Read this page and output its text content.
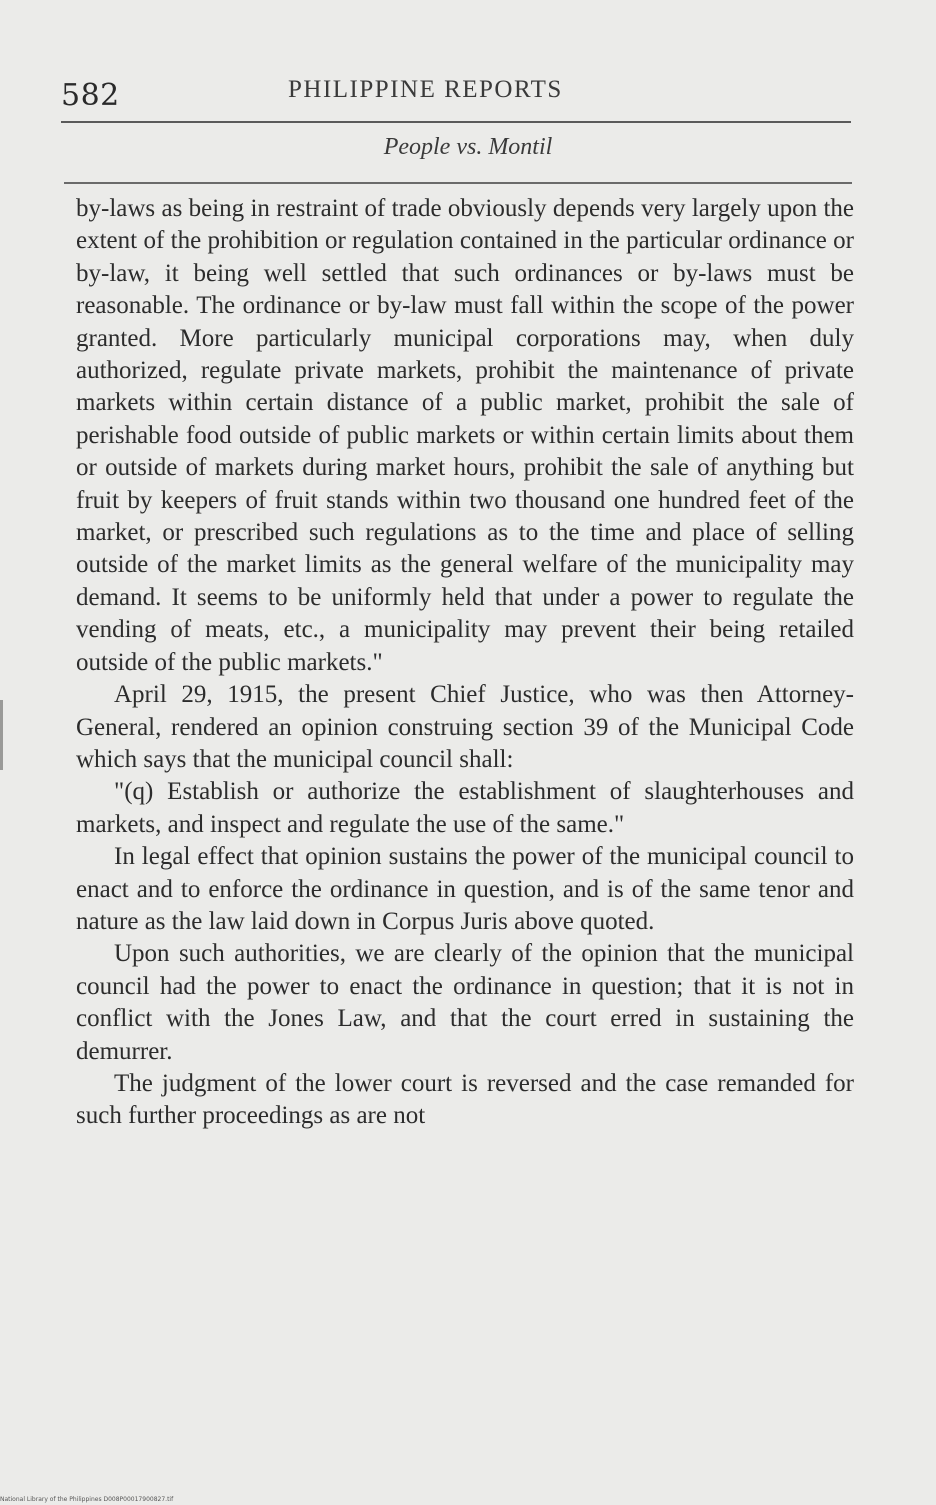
582	PHILIPPINE REPORTS
People vs. Montil

by-laws as being in restraint of trade obviously depends very largely upon the extent of the prohibition or regulation contained in the particular ordinance or by-law, it being well settled that such ordinances or by-laws must be reasonable. The ordinance or by-law must fall within the scope of the power granted. More particularly municipal corporations may, when duly authorized, regulate private markets, prohibit the maintenance of private markets within certain distance of a public market, prohibit the sale of perishable food outside of public markets or within certain limits about them or outside of markets during market hours, prohibit the sale of anything but fruit by keepers of fruit stands within two thousand one hundred feet of the market, or prescribed such regulations as to the time and place of selling outside of the market limits as the general welfare of the municipality may demand. It seems to be uniformly held that under a power to regulate the vending of meats, etc., a municipality may prevent their being retailed outside of the public markets."

April 29, 1915, the present Chief Justice, who was then Attorney-General, rendered an opinion construing section 39 of the Municipal Code which says that the municipal council shall:

"(q) Establish or authorize the establishment of slaughterhouses and markets, and inspect and regulate the use of the same."

In legal effect that opinion sustains the power of the municipal council to enact and to enforce the ordinance in question, and is of the same tenor and nature as the law laid down in Corpus Juris above quoted.

Upon such authorities, we are clearly of the opinion that the municipal council had the power to enact the ordinance in question; that it is not in conflict with the Jones Law, and that the court erred in sustaining the demurrer.

The judgment of the lower court is reversed and the case remanded for such further proceedings as are not

National Library of the Philippines D008P00017900827.tif
